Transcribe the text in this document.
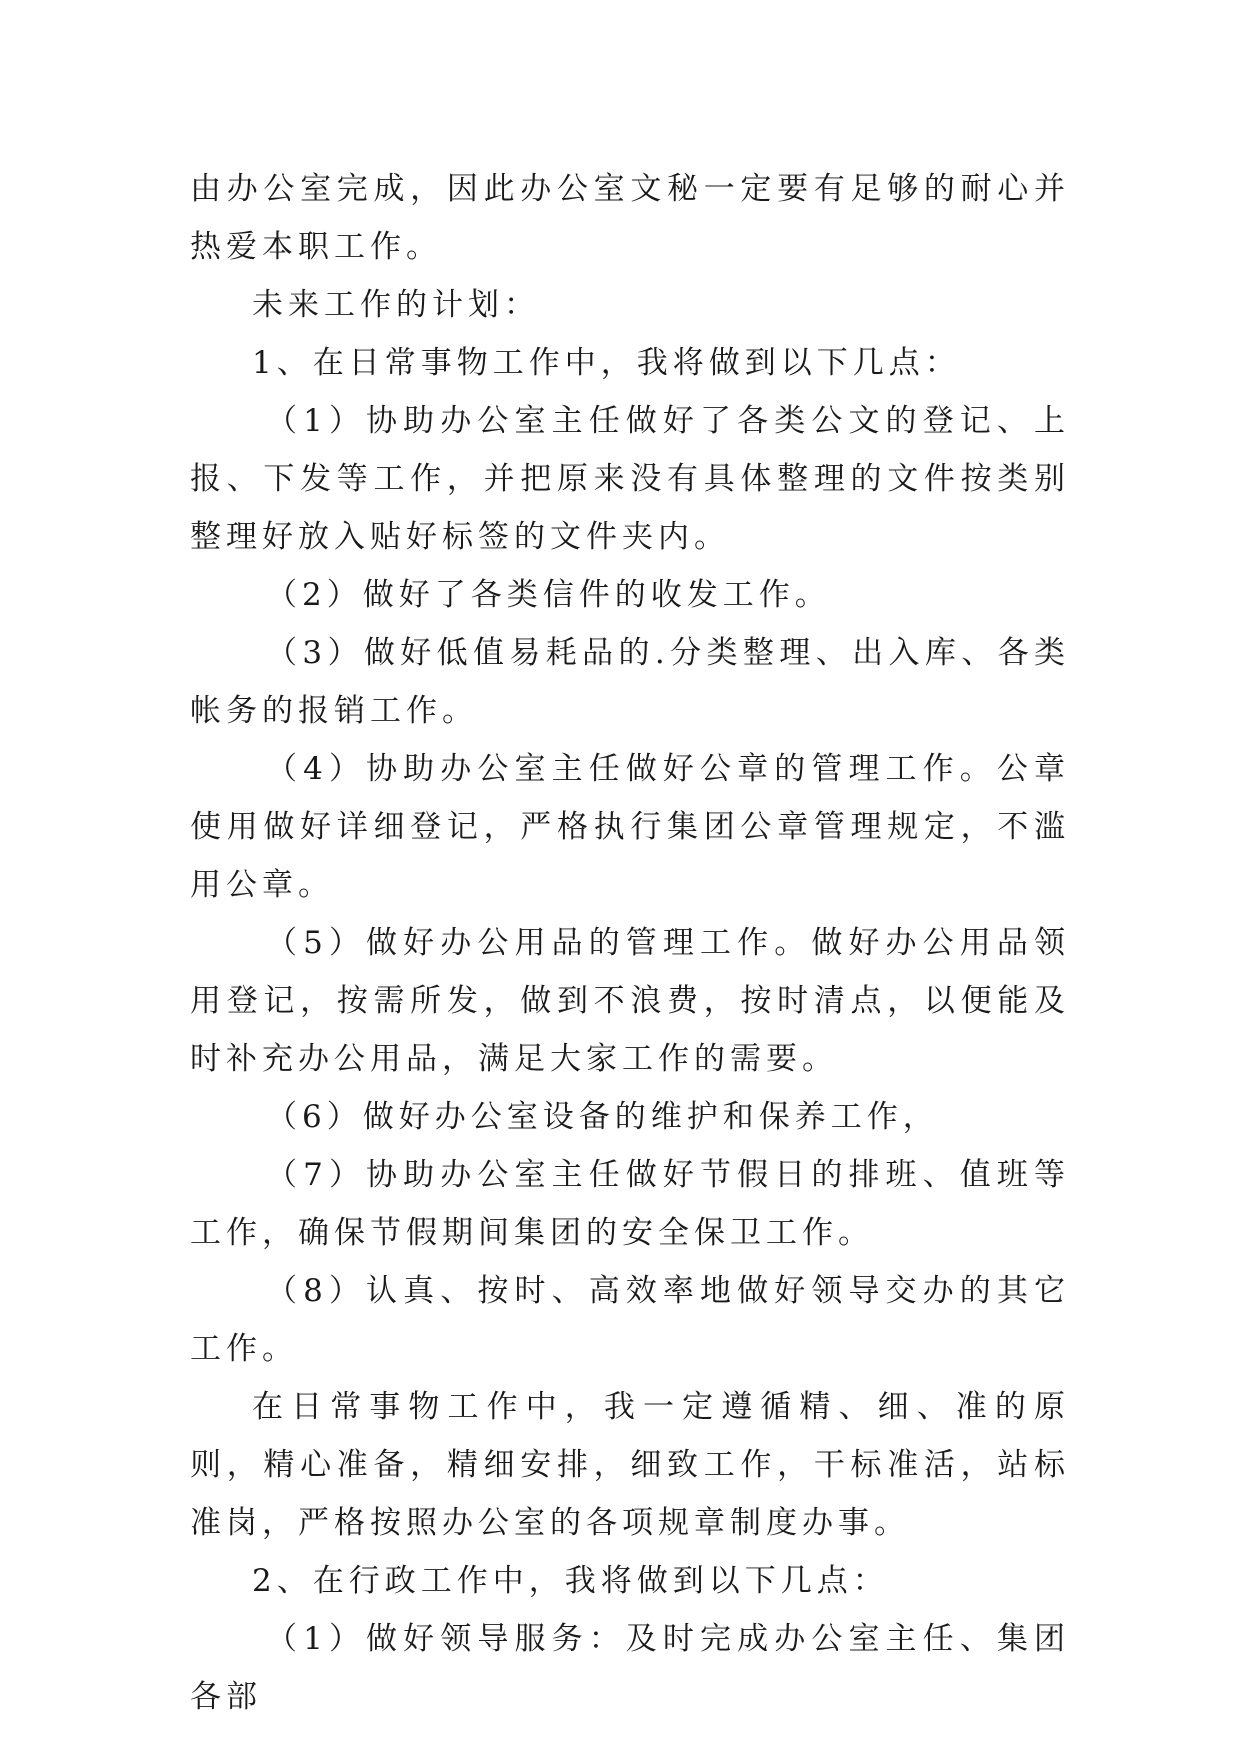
由办公室完成，因此办公室文秘一定要有足够的耐心并热爱本职工作。

未来工作的计划：

1、在日常事物工作中，我将做到以下几点：

（1）协助办公室主任做好了各类公文的登记、上报、下发等工作，并把原来没有具体整理的文件按类别整理好放入贴好标签的文件夹内。

（2）做好了各类信件的收发工作。

（3）做好低值易耗品的.分类整理、出入库、各类帐务的报销工作。

（4）协助办公室主任做好公章的管理工作。公章使用做好详细登记，严格执行集团公章管理规定，不滥用公章。

（5）做好办公用品的管理工作。做好办公用品领用登记，按需所发，做到不浪费，按时清点，以便能及时补充办公用品，满足大家工作的需要。

（6）做好办公室设备的维护和保养工作，

（7）协助办公室主任做好节假日的排班、值班等工作，确保节假期间集团的安全保卫工作。

（8）认真、按时、高效率地做好领导交办的其它工作。

在日常事物工作中，我一定遵循精、细、准的原则，精心准备，精细安排，细致工作，干标准活，站标准岗，严格按照办公室的各项规章制度办事。

2、在行政工作中，我将做到以下几点：

（1）做好领导服务：及时完成办公室主任、集团各部
